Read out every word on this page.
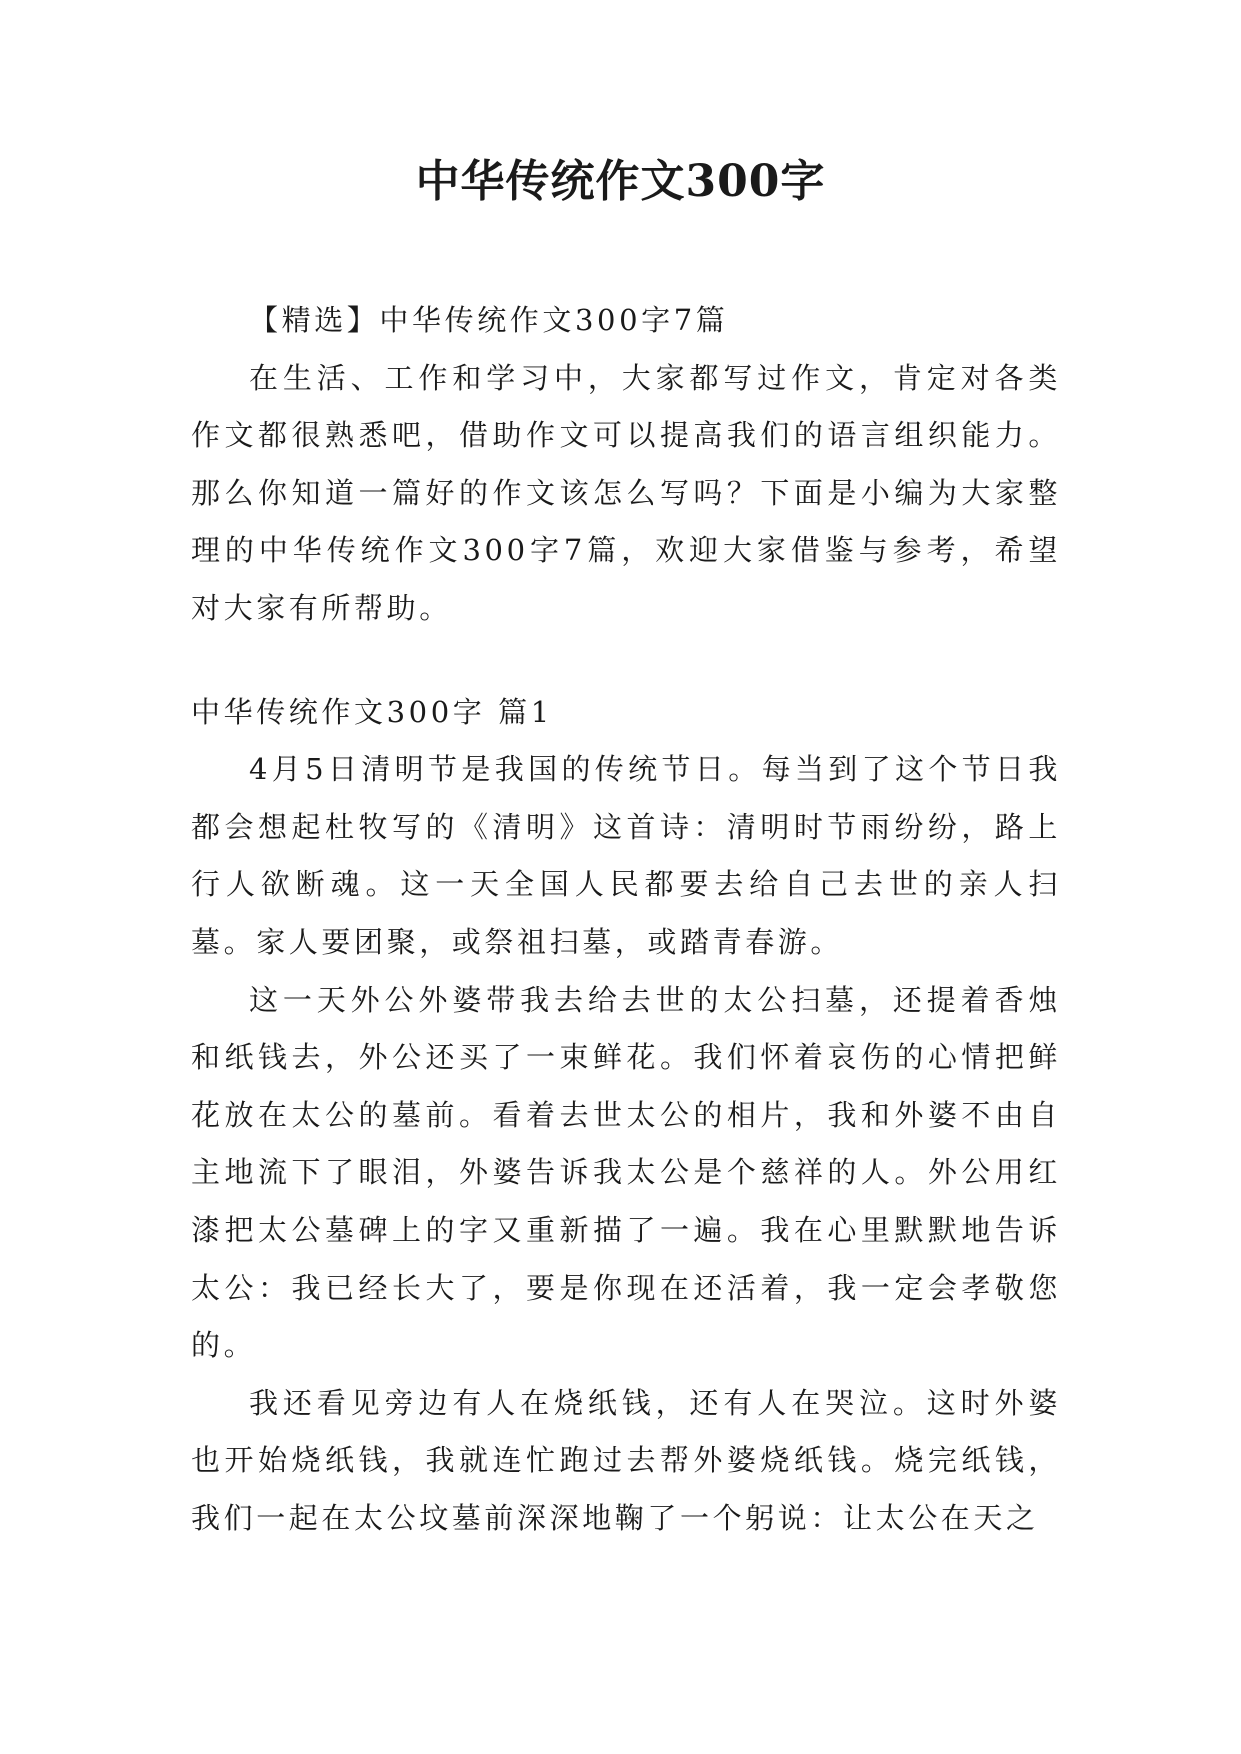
中华传统作文300字

【精选】中华传统作文300字7篇

在生活、工作和学习中，大家都写过作文，肯定对各类作文都很熟悉吧，借助作文可以提高我们的语言组织能力。那么你知道一篇好的作文该怎么写吗？下面是小编为大家整理的中华传统作文300字7篇，欢迎大家借鉴与参考，希望对大家有所帮助。

中华传统作文300字 篇1

4月5日清明节是我国的传统节日。每当到了这个节日我都会想起杜牧写的《清明》这首诗：清明时节雨纷纷，路上行人欲断魂。这一天全国人民都要去给自己去世的亲人扫墓。家人要团聚，或祭祖扫墓，或踏青春游。

这一天外公外婆带我去给去世的太公扫墓，还提着香烛和纸钱去，外公还买了一束鲜花。我们怀着哀伤的心情把鲜花放在太公的墓前。看着去世太公的相片，我和外婆不由自主地流下了眼泪，外婆告诉我太公是个慈祥的人。外公用红漆把太公墓碑上的字又重新描了一遍。我在心里默默地告诉太公：我已经长大了，要是你现在还活着，我一定会孝敬您的。

我还看见旁边有人在烧纸钱，还有人在哭泣。这时外婆也开始烧纸钱，我就连忙跑过去帮外婆烧纸钱。烧完纸钱，我们一起在太公坟墓前深深地鞠了一个躬说：让太公在天之
